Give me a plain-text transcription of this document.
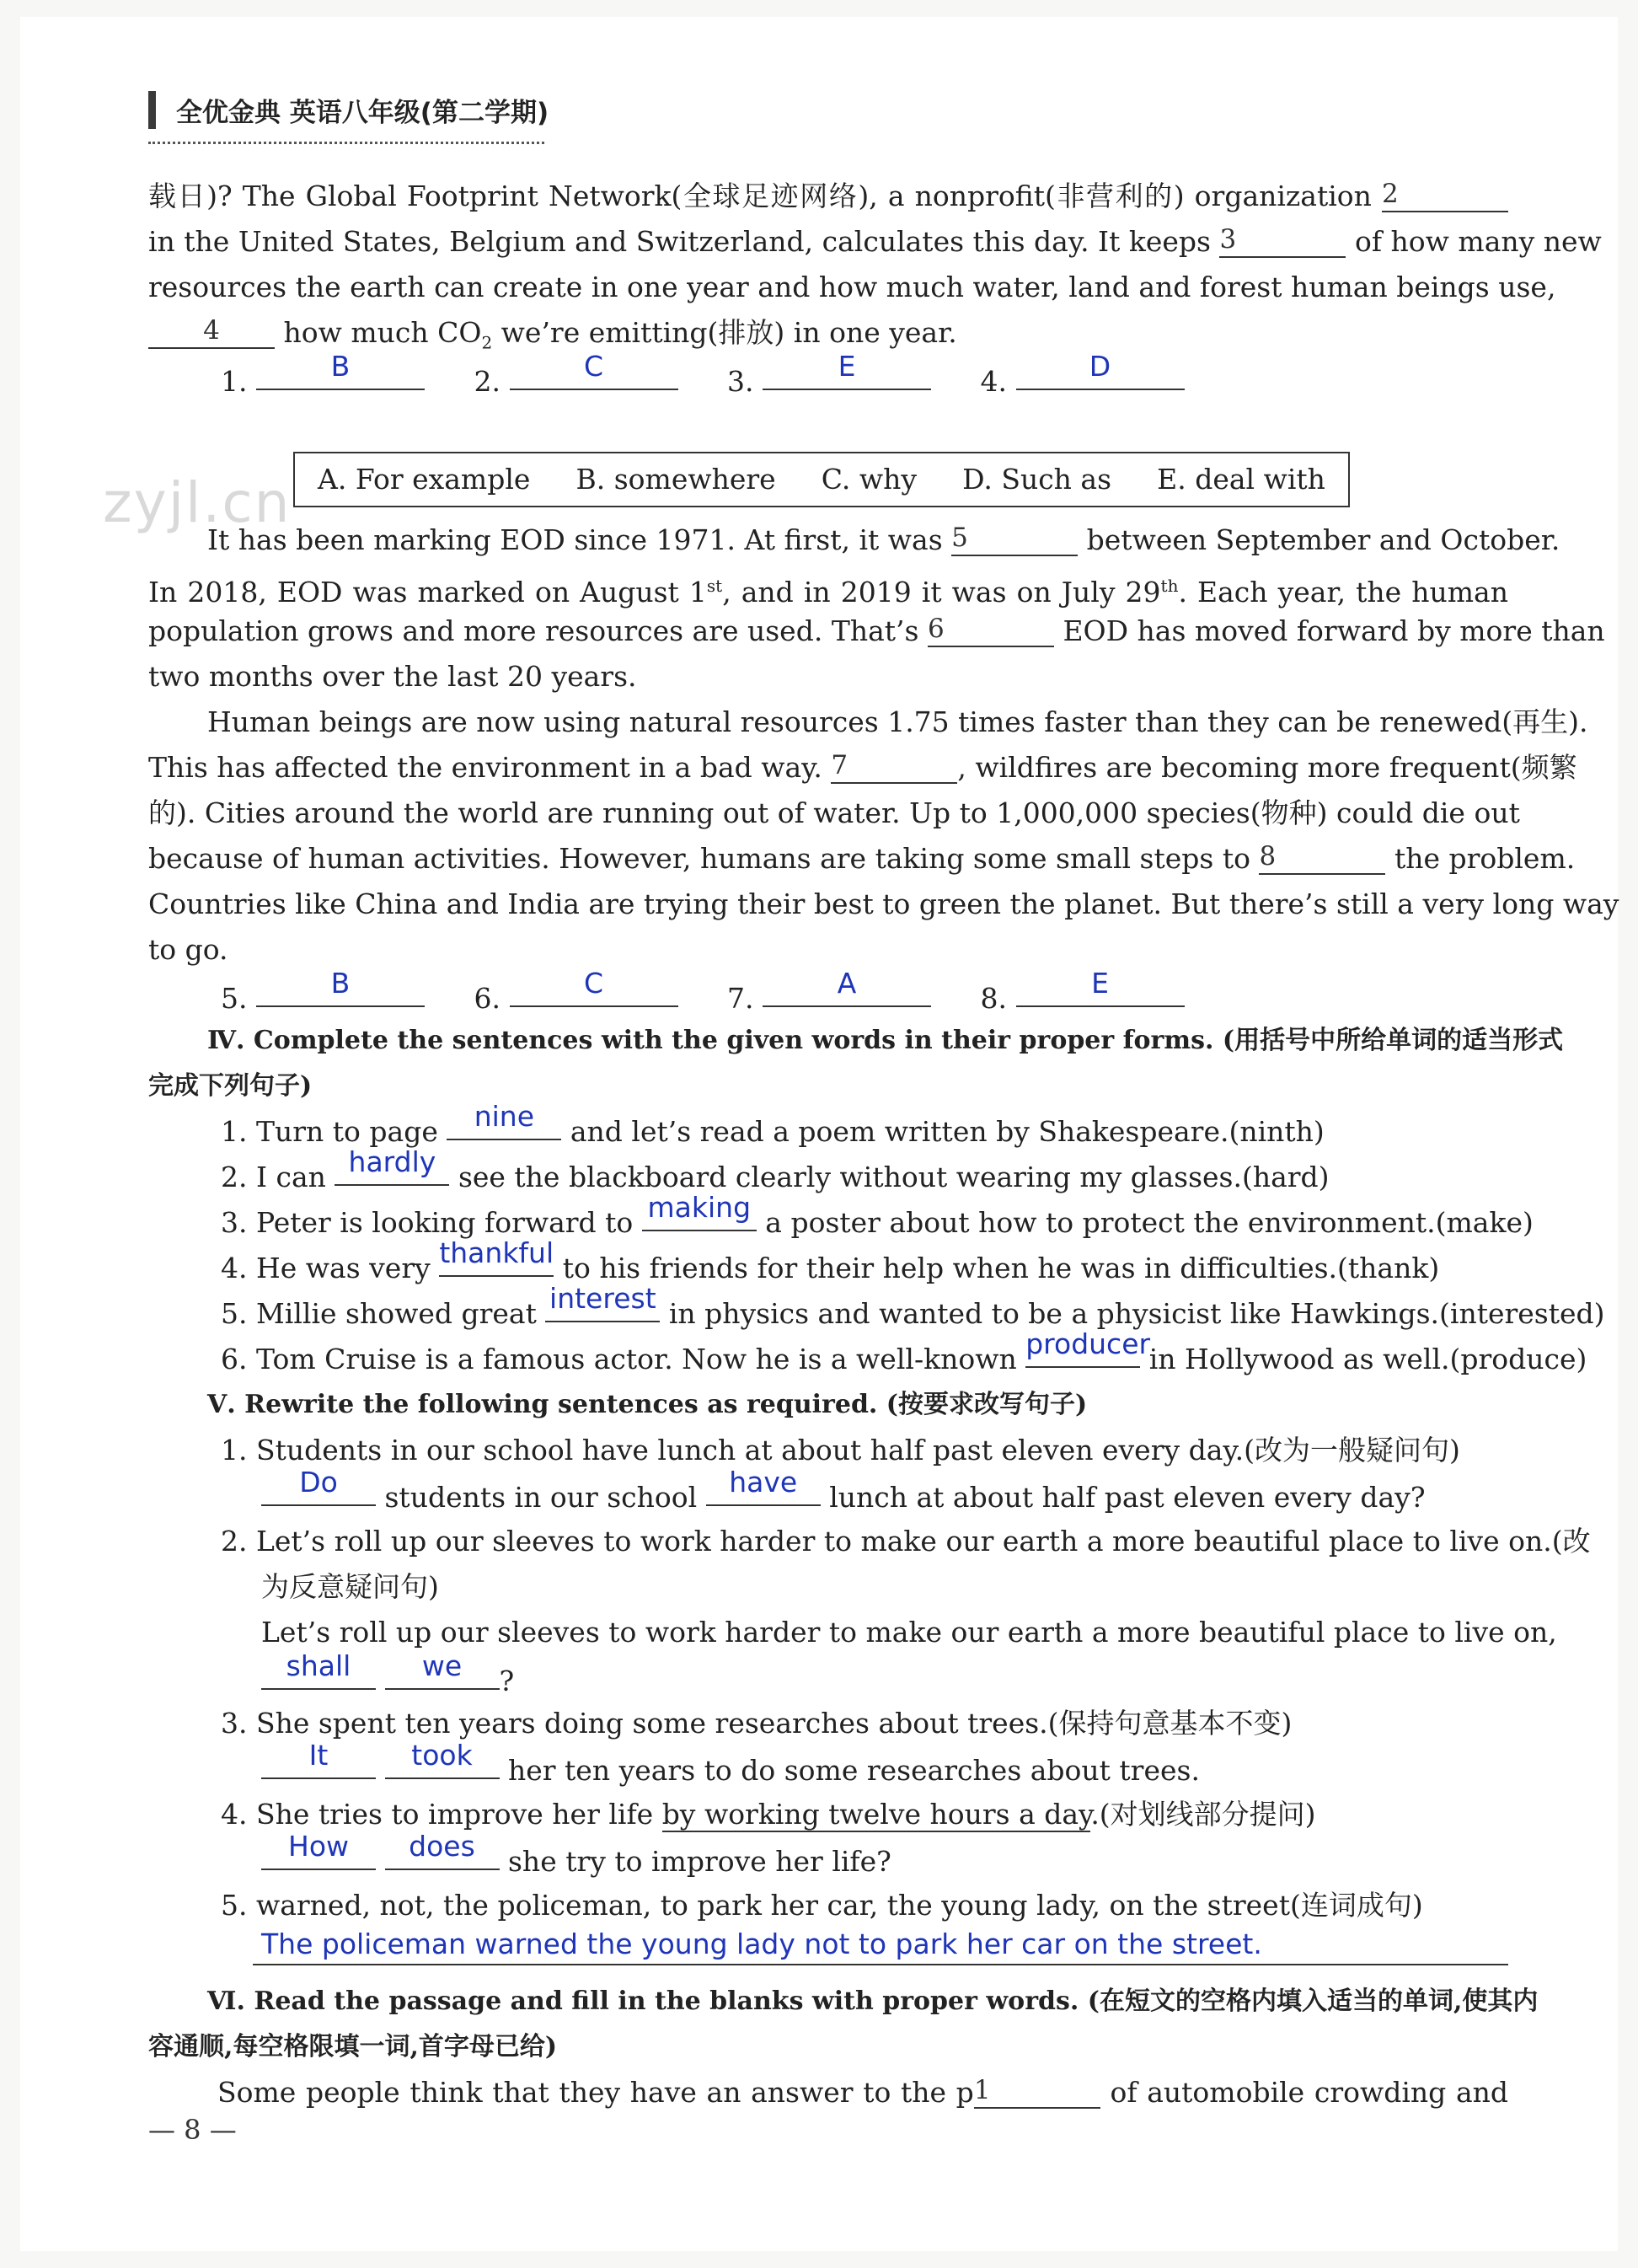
全优金典 英语八年级(第二学期)
载日)? The Global Footprint Network(全球足迹网络), a nonprofit(非营利的) organization 2
in the United States, Belgium and Switzerland, calculates this day. It keeps 3	of how many new
resources the earth can create in one year and how much water, land and forest human beings use,
4 how much $CO_2$ we’re emitting(排放) in one year.
1.	B	2.	C	3.	E	4.	D
zyjl.cn A. For example B. somewhere C. why D. Such as E. deal with
It has been marking EOD since 1971. At first, it was 5	between September and October.
In 2018, EOD was marked on August 1st, and in 2019 it was on July 29th. Each year, the human
population grows and more resources are used. That’s 6	EOD has moved forward by more than
two months over the last 20 years.
Human beings are now using natural resources 1.75 times faster than they can be renewed(再生).
This has affected the environment in a bad way. 7	, wildfires are becoming more frequent(频繁
的). Cities around the world are running out of water. Up to 1,000,000 species(物种) could die out
because of human activities. However, humans are taking some small steps to 8	the problem.
Countries like China and India are trying their best to green the planet. But there’s still a very long way
to go.
5.	B	6.	C	7.	A	8.	E
Ⅳ. Complete the sentences with the given words in their proper forms. (用括号中所给单词的适当形式
完成下列句子)
1. Turn to page nine and let’s read a poem written by Shakespeare.(ninth)
2. I can hardly see the blackboard clearly without wearing my glasses.(hard)
3. Peter is looking forward to making a poster about how to protect the environment.(make)
4. He was very thankful to his friends for their help when he was in difficulties.(thank)
5. Millie showed great interest in physics and wanted to be a physicist like Hawkings.(interested)
6. Tom Cruise is a famous actor. Now he is a well-known producer in Hollywood as well.(produce)
Ⅴ. Rewrite the following sentences as required. (按要求改写句子)
1. Students in our school have lunch at about half past eleven every day.(改为一般疑问句)
Do students in our school have lunch at about half past eleven every day?
2. Let’s roll up our sleeves to work harder to make our earth a more beautiful place to live on.(改
为反意疑问句)
Let’s roll up our sleeves to work harder to make our earth a more beautiful place to live on,
shall	we ?
3. She spent ten years doing some researches about trees.(保持句意基本不变)
It	took her ten years to do some researches about trees.
4. She tries to improve her life by working twelve hours a day.(对划线部分提问)
How does she try to improve her life?
5. warned, not, the policeman, to park her car, the young lady, on the street(连词成句)
The policeman warned the young lady not to park her car on the street.
Ⅵ. Read the passage and fill in the blanks with proper words. (在短文的空格内填入适当的单词,使其内
容通顺,每空格限填一词,首字母已给)
Some people think that they have an answer to the p1	of automobile crowding and
— 8 —
